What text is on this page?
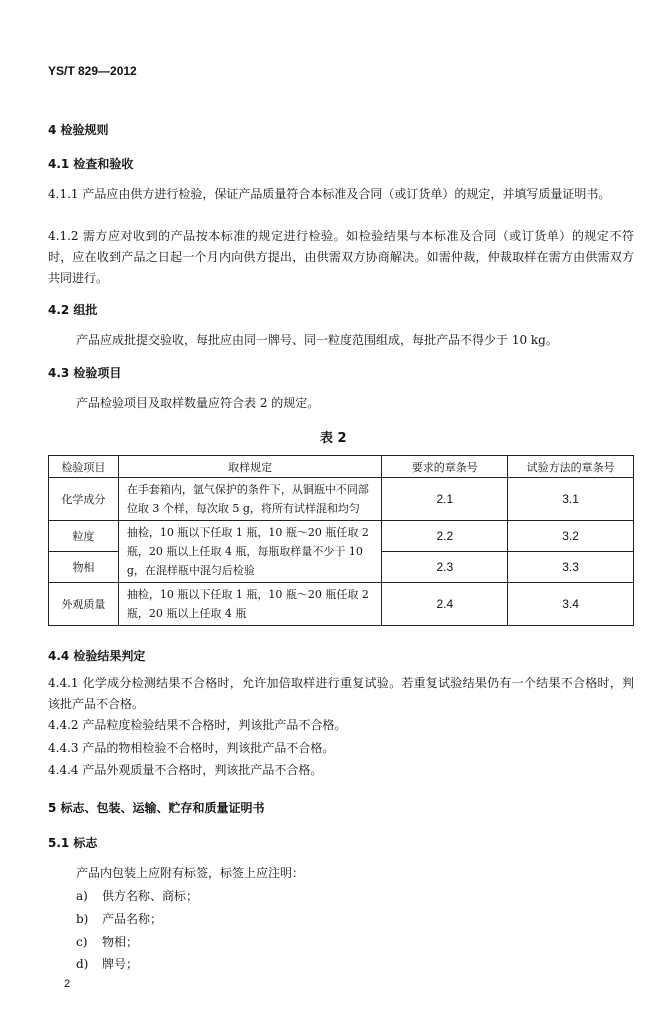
YS/T 829—2012
4 检验规则
4.1 检查和验收
4.1.1 产品应由供方进行检验，保证产品质量符合本标准及合同（或订货单）的规定，并填写质量证明书。
4.1.2 需方应对收到的产品按本标准的规定进行检验。如检验结果与本标准及合同（或订货单）的规定不符时，应在收到产品之日起一个月内向供方提出，由供需双方协商解决。如需仲裁，仲裁取样在需方由供需双方共同进行。
4.2 组批
产品应成批提交验收，每批应由同一牌号、同一粒度范围组成，每批产品不得少于 10 kg。
4.3 检验项目
产品检验项目及取样数量应符合表 2 的规定。
表 2
检验项目	取样规定	要求的章条号	试验方法的章条号
化学成分	在手套箱内，氩气保护的条件下，从铜瓶中不同部位取 3 个样，每次取 5 g，将所有试样混和均匀	2.1	3.1
粒度	抽检，10 瓶以下任取 1 瓶，10 瓶～20 瓶任取 2 瓶，20 瓶以上任取 4 瓶，每瓶取样量不少于 10 g，在混样瓶中混匀后检验	2.2	3.2
物相		2.3	3.3
外观质量	抽检，10 瓶以下任取 1 瓶，10 瓶～20 瓶任取 2 瓶，20 瓶以上任取 4 瓶	2.4	3.4
4.4 检验结果判定
4.4.1 化学成分检测结果不合格时，允许加倍取样进行重复试验。若重复试验结果仍有一个结果不合格时，判该批产品不合格。
4.4.2 产品粒度检验结果不合格时，判该批产品不合格。
4.4.3 产品的物相检验不合格时，判该批产品不合格。
4.4.4 产品外观质量不合格时，判该批产品不合格。
5 标志、包装、运输、贮存和质量证明书
5.1 标志
产品内包装上应附有标签，标签上应注明：
a) 供方名称、商标；
b) 产品名称；
c) 物相；
d) 牌号；
2
